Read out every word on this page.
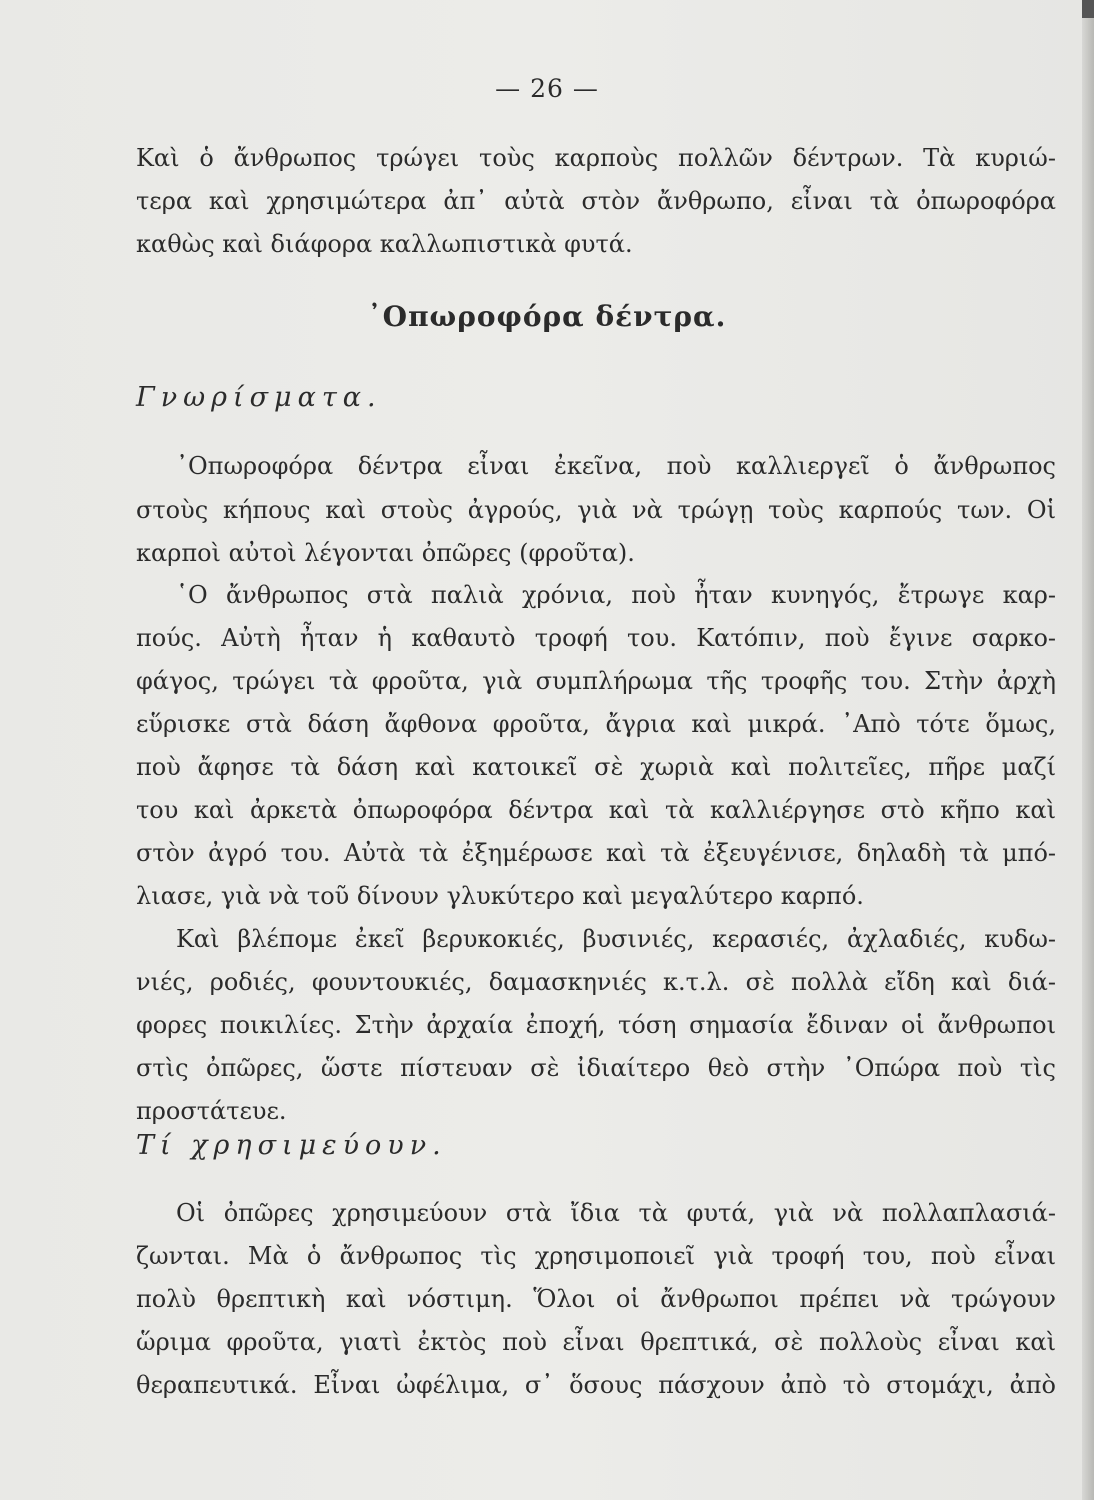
— 26 —
Καὶ ὁ ἄνθρωπος τρώγει τοὺς καρποὺς πολλῶν δέντρων. Τὰ κυριώ-
τερα καὶ χρησιμώτερα ἀπ᾿ αὐτὰ στὸν ἄνθρωπο, εἶναι τὰ ὀπωροφόρα
καθὼς καὶ διάφορα καλλωπιστικὰ φυτά.
᾿Οπωροφόρα δέντρα.
Γνωρίσματα.
᾿Οπωροφόρα δέντρα εἶναι ἐκεῖνα, ποὺ καλλιεργεῖ ὁ ἄνθρωπος
στοὺς κήπους καὶ στοὺς ἀγρούς, γιὰ νὰ τρώγῃ τοὺς καρπούς των. Οἱ
καρποὶ αὐτοὶ λέγονται ὀπῶρες (φροῦτα).
῾Ο ἄνθρωπος στὰ παλιὰ χρόνια, ποὺ ἦταν κυνηγός, ἔτρωγε καρ-
πούς. Αὐτὴ ἦταν ἡ καθαυτὸ τροφή του. Κατόπιν, ποὺ ἔγινε σαρκο-
φάγος, τρώγει τὰ φροῦτα, γιὰ συμπλήρωμα τῆς τροφῆς του. Στὴν ἀρχὴ
εὕρισκε στὰ δάση ἄφθονα φροῦτα, ἄγρια καὶ μικρά. ᾿Απὸ τότε ὅμως,
ποὺ ἄφησε τὰ δάση καὶ κατοικεῖ σὲ χωριὰ καὶ πολιτεῖες, πῆρε μαζί
του καὶ ἀρκετὰ ὀπωροφόρα δέντρα καὶ τὰ καλλιέργησε στὸ κῆπο καὶ
στὸν ἀγρό του. Αὐτὰ τὰ ἐξημέρωσε καὶ τὰ ἐξευγένισε, δηλαδὴ τὰ μπό-
λιασε, γιὰ νὰ τοῦ δίνουν γλυκύτερο καὶ μεγαλύτερο καρπό.
Καὶ βλέπομε ἐκεῖ βερυκοκιές, βυσινιές, κερασιές, ἀχλαδιές, κυδω-
νιές, ροδιές, φουντουκιές, δαμασκηνιές κ.τ.λ. σὲ πολλὰ εἴδη καὶ διά-
φορες ποικιλίες. Στὴν ἀρχαία ἐποχή, τόση σημασία ἔδιναν οἱ ἄνθρωποι
στὶς ὀπῶρες, ὥστε πίστευαν σὲ ἰδιαίτερο θεὸ στὴν ᾿Οπώρα ποὺ τὶς
προστάτευε.
Τί χρησιμεύουν.
Οἱ ὀπῶρες χρησιμεύουν στὰ ἴδια τὰ φυτά, γιὰ νὰ πολλαπλασιά-
ζωνται. Μὰ ὁ ἄνθρωπος τὶς χρησιμοποιεῖ γιὰ τροφή του, ποὺ εἶναι
πολὺ θρεπτικὴ καὶ νόστιμη. Ὅλοι οἱ ἄνθρωποι πρέπει νὰ τρώγουν
ὥριμα φροῦτα, γιατὶ ἐκτὸς ποὺ εἶναι θρεπτικά, σὲ πολλοὺς εἶναι καὶ
θεραπευτικά. Εἶναι ὠφέλιμα, σ᾿ ὅσους πάσχουν ἀπὸ τὸ στομάχι, ἀπὸ
